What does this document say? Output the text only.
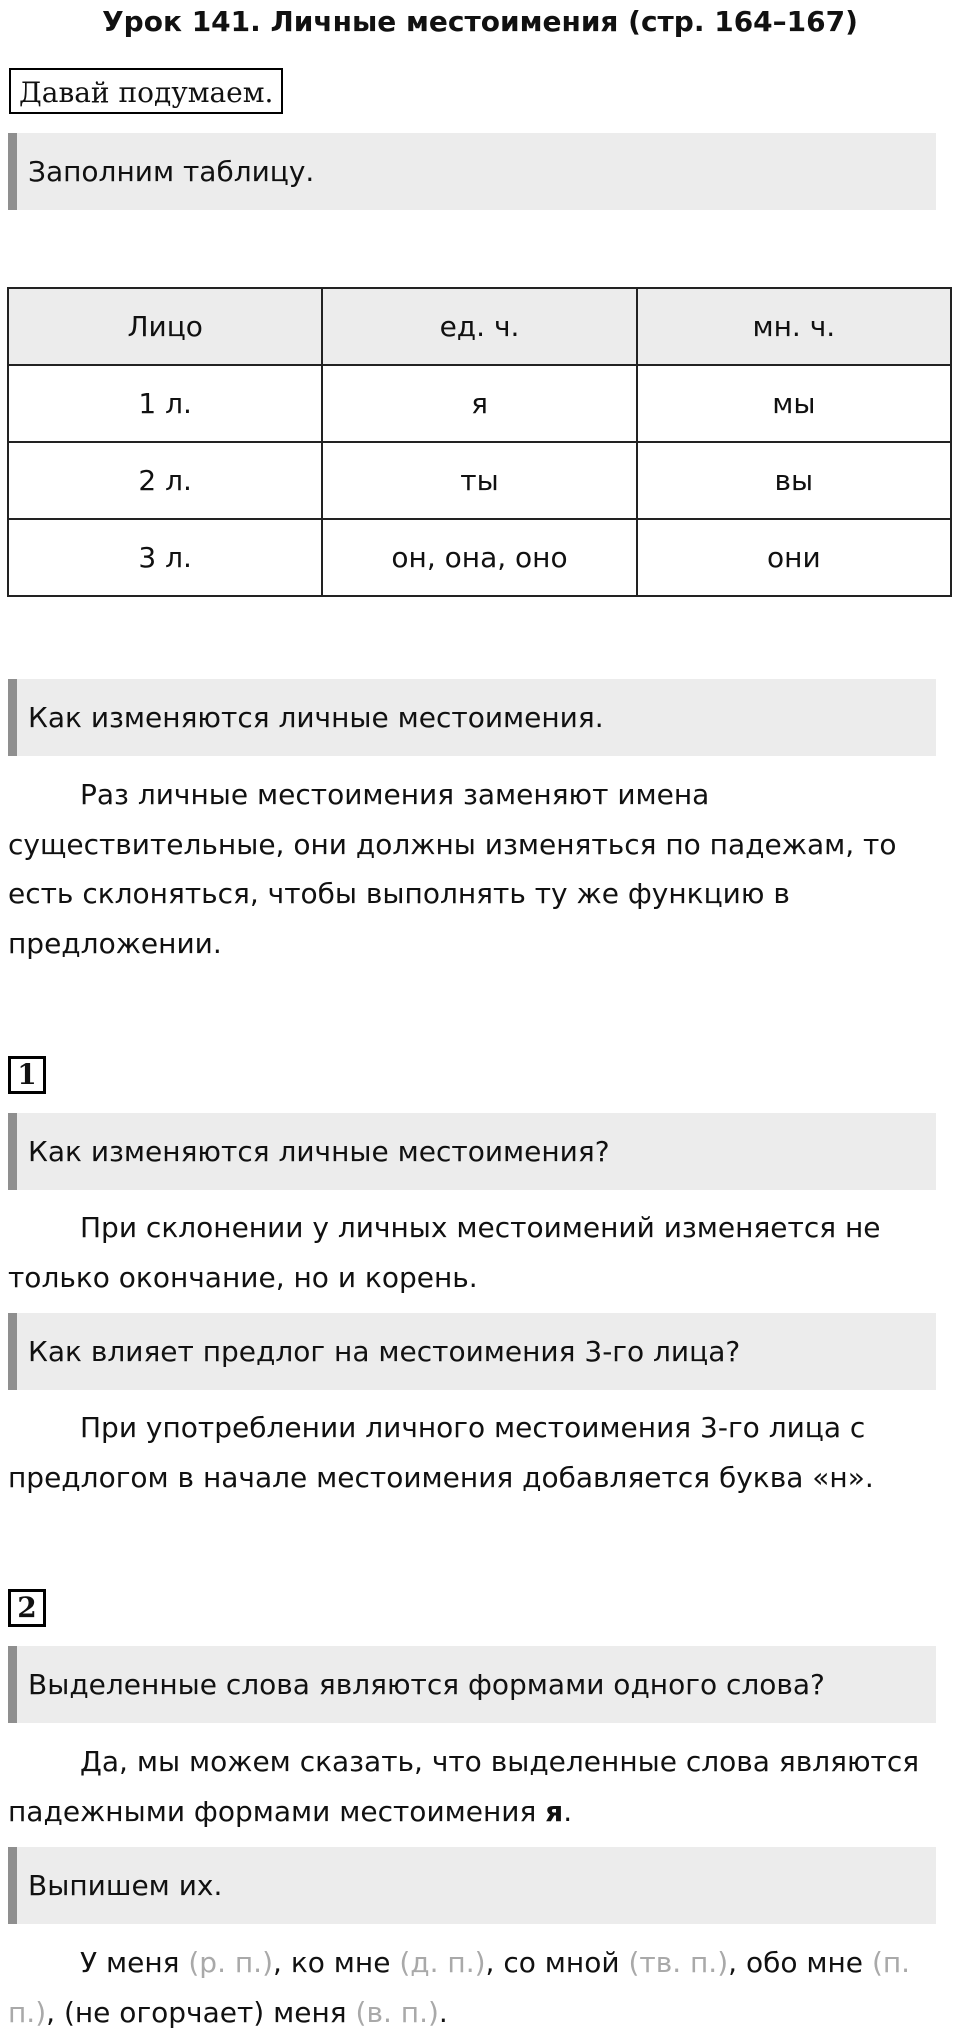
Урок 141. Личные местоимения (стр. 164–167)
Давай подумаем.
Заполним таблицу.
Лицо	ед. ч.	мн. ч.
1 л.	я	мы
2 л.	ты	вы
3 л.	он, она, оно	они
Как изменяются личные местоимения.

Раз личные местоимения заменяют имена существительные, они должны изменяться по падежам, то есть склоняться, чтобы выполнять ту же функцию в предложении.

1
Как изменяются личные местоимения?

При склонении у личных местоимений изменяется не только окончание, но и корень.

Как влияет предлог на местоимения 3-го лица?

При употреблении личного местоимения 3-го лица с предлогом в начале местоимения добавляется буква «н».

2
Выделенные слова являются формами одного слова?

Да, мы можем сказать, что выделенные слова являются падежными формами местоимения я.

Выпишем их.

У меня (р. п.), ко мне (д. п.), со мной (тв. п.), обо мне (п. п.), (не огорчает) меня (в. п.).
